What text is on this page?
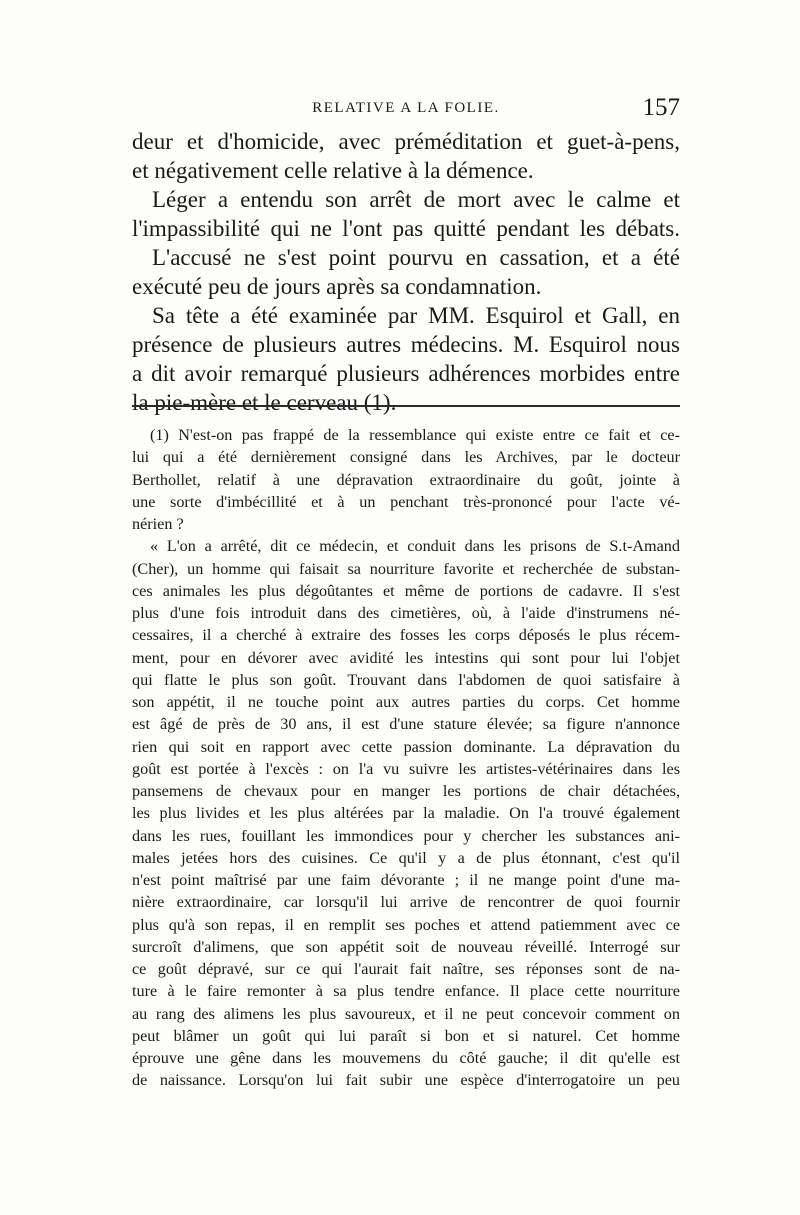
RELATIVE A LA FOLIE.	157
deur et d'homicide, avec préméditation et guet-à-pens,
et négativement celle relative à la démence.
Léger a entendu son arrêt de mort avec le calme et
l'impassibilité qui ne l'ont pas quitté pendant les débats.
L'accusé ne s'est point pourvu en cassation, et a été
exécuté peu de jours après sa condamnation.
Sa tête a été examinée par MM. Esquirol et Gall, en
présence de plusieurs autres médecins. M. Esquirol nous
a dit avoir remarqué plusieurs adhérences morbides entre
la pie-mère et le cerveau (1).
(1) N'est-on pas frappé de la ressemblance qui existe entre ce fait et ce-
lui qui a été dernièrement consigné dans les Archives, par le docteur
Berthollet, relatif à une dépravation extraordinaire du goût, jointe à
une sorte d'imbécillité et à un penchant très-prononcé pour l'acte vé-
nérien ?
« L'on a arrêté, dit ce médecin, et conduit dans les prisons de S.t-Amand
(Cher), un homme qui faisait sa nourriture favorite et recherchée de substan-
ces animales les plus dégoûtantes et même de portions de cadavre. Il s'est
plus d'une fois introduit dans des cimetières, où, à l'aide d'instrumens né-
cessaires, il a cherché à extraire des fosses les corps déposés le plus récem-
ment, pour en dévorer avec avidité les intestins qui sont pour lui l'objet
qui flatte le plus son goût. Trouvant dans l'abdomen de quoi satisfaire à
son appétit, il ne touche point aux autres parties du corps. Cet homme
est âgé de près de 30 ans, il est d'une stature élevée; sa figure n'annonce
rien qui soit en rapport avec cette passion dominante. La dépravation du
goût est portée à l'excès : on l'a vu suivre les artistes-vétérinaires dans les
pansemens de chevaux pour en manger les portions de chair détachées,
les plus livides et les plus altérées par la maladie. On l'a trouvé également
dans les rues, fouillant les immondices pour y chercher les substances ani-
males jetées hors des cuisines. Ce qu'il y a de plus étonnant, c'est qu'il
n'est point maîtrisé par une faim dévorante ; il ne mange point d'une ma-
nière extraordinaire, car lorsqu'il lui arrive de rencontrer de quoi fournir
plus qu'à son repas, il en remplit ses poches et attend patiemment avec ce
surcroît d'alimens, que son appétit soit de nouveau réveillé. Interrogé sur
ce goût dépravé, sur ce qui l'aurait fait naître, ses réponses sont de na-
ture à le faire remonter à sa plus tendre enfance. Il place cette nourriture
au rang des alimens les plus savoureux, et il ne peut concevoir comment on
peut blâmer un goût qui lui paraît si bon et si naturel. Cet homme
éprouve une gêne dans les mouvemens du côté gauche; il dit qu'elle est
de naissance. Lorsqu'on lui fait subir une espèce d'interrogatoire un peu
